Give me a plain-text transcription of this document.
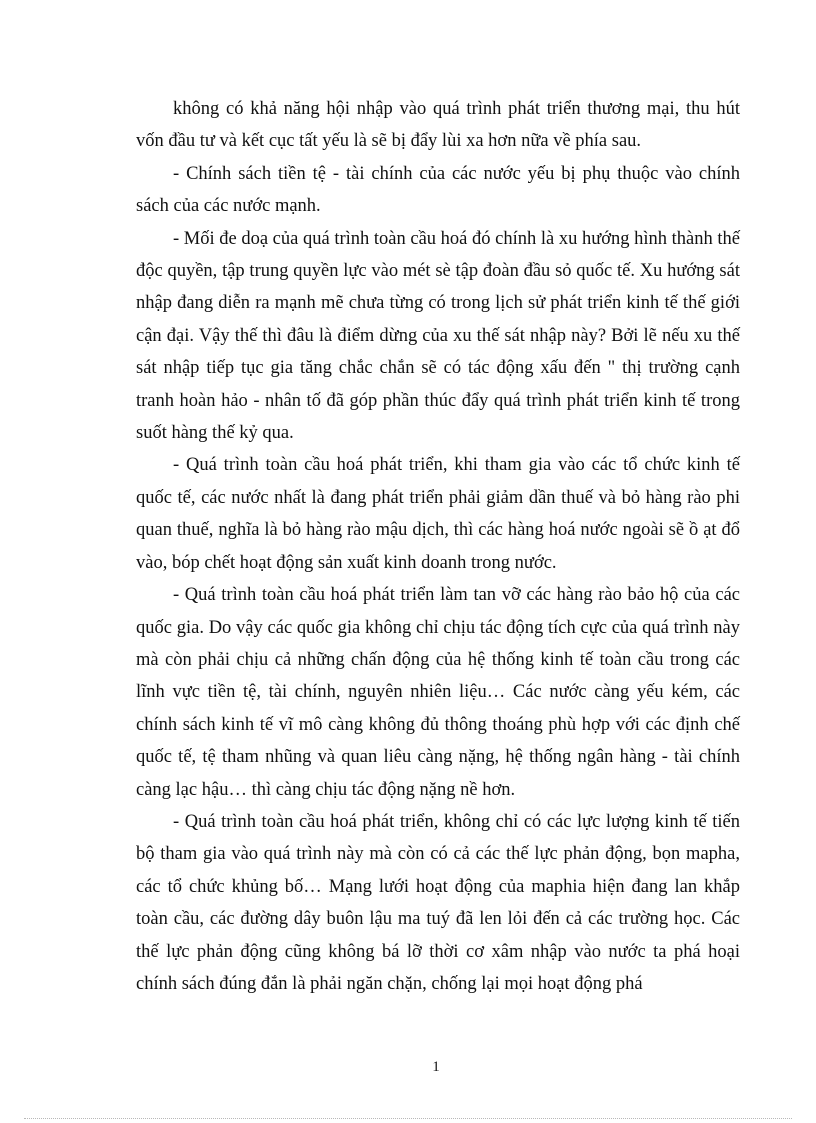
không có khả năng hội nhập vào quá trình phát triển thương mại, thu hút vốn đầu tư và kết cục tất yếu là sẽ bị đẩy lùi xa hơn nữa về phía sau.

- Chính sách tiền tệ - tài chính của các nước yếu bị phụ thuộc vào chính sách của các nước mạnh.

- Mối đe doạ của quá trình toàn cầu hoá đó chính là xu hướng hình thành thế độc quyền, tập trung quyền lực vào mét sè tập đoàn đầu sỏ quốc tế. Xu hướng sát nhập đang diễn ra mạnh mẽ chưa từng có trong lịch sử phát triển kinh tế thế giới cận đại. Vậy thế thì đâu là điểm dừng của xu thế sát nhập này? Bởi lẽ nếu xu thế sát nhập tiếp tục gia tăng chắc chắn sẽ có tác động xấu đến " thị trường cạnh tranh hoàn hảo - nhân tố đã góp phần thúc đẩy quá trình phát triển kinh tế trong suốt hàng thế kỷ qua.

- Quá trình toàn cầu hoá phát triển, khi tham gia vào các tổ chức kinh tế quốc tế, các nước nhất là đang phát triển phải giảm dần thuế và bỏ hàng rào phi quan thuế, nghĩa là bỏ hàng rào mậu dịch, thì các hàng hoá nước ngoài sẽ ồ ạt đổ vào, bóp chết hoạt động sản xuất kinh doanh trong nước.

- Quá trình toàn cầu hoá phát triển làm tan vỡ các hàng rào bảo hộ của các quốc gia. Do vậy các quốc gia không chỉ chịu tác động tích cực của quá trình này mà còn phải chịu cả những chấn động của hệ thống kinh tế toàn cầu trong các lĩnh vực tiền tệ, tài chính, nguyên nhiên liệu… Các nước càng yếu kém, các chính sách kinh tế vĩ mô càng không đủ thông thoáng phù hợp với các định chế quốc tế, tệ tham nhũng và quan liêu càng nặng, hệ thống ngân hàng - tài chính càng lạc hậu… thì càng chịu tác động nặng nề hơn.

- Quá trình toàn cầu hoá phát triển, không chỉ có các lực lượng kinh tế tiến bộ tham gia vào quá trình này mà còn có cả các thế lực phản động, bọn mapha, các tổ chức khủng bố… Mạng lưới hoạt động của maphia hiện đang lan khắp toàn cầu, các đường dây buôn lậu ma tuý đã len lỏi đến cả các trường học. Các thế lực phản động cũng không bá lỡ thời cơ xâm nhập vào nước ta phá hoại chính sách đúng đắn là phải ngăn chặn, chống lại mọi hoạt động phá

1
